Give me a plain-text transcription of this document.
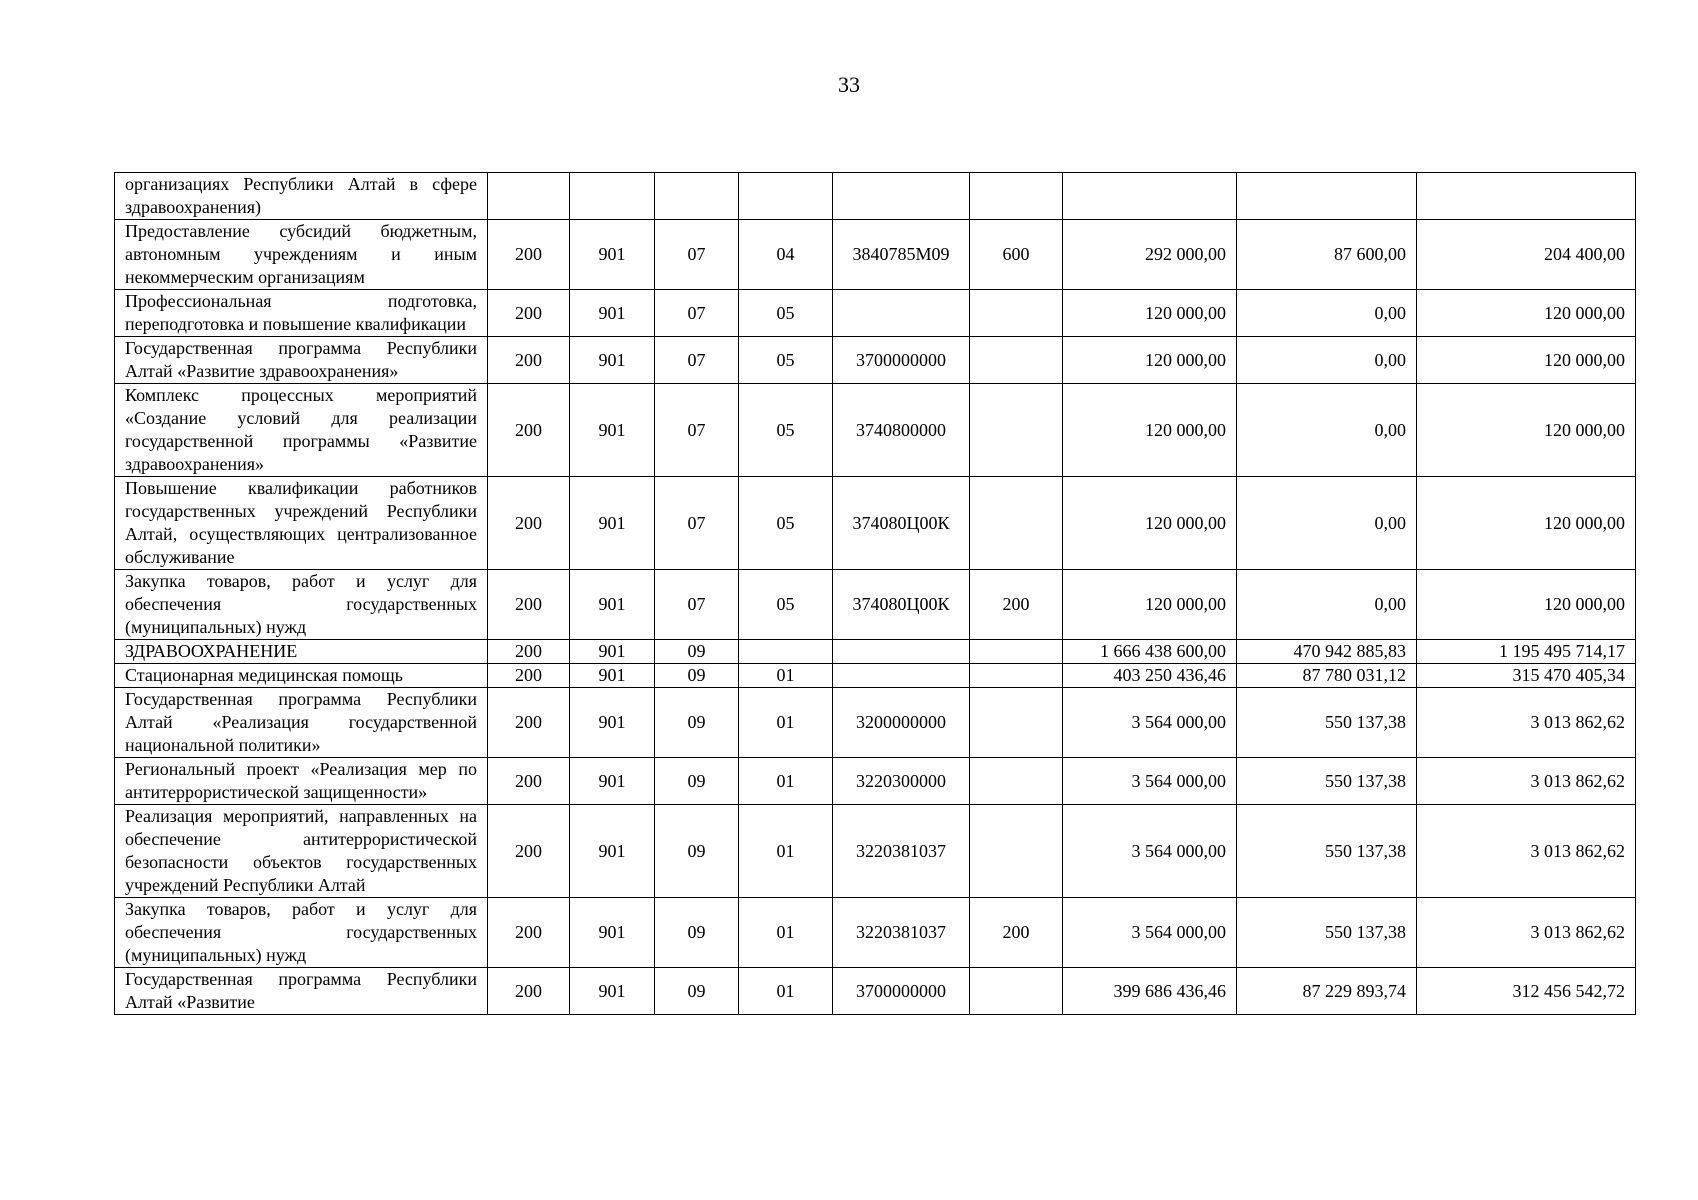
33
организациях Республики Алтай в сфере здравоохранения)									
Предоставление субсидий бюджетным, автономным учреждениям и иным некоммерческим организациям	200	901	07	04	3840785М09	600	292 000,00	87 600,00	204 400,00
Профессиональная подготовка, переподготовка и повышение квалификации	200	901	07	05			120 000,00	0,00	120 000,00
Государственная программа Республики Алтай «Развитие здравоохранения»	200	901	07	05	3700000000		120 000,00	0,00	120 000,00
Комплекс процессных мероприятий «Создание условий для реализации государственной программы «Развитие здравоохранения»	200	901	07	05	3740800000		120 000,00	0,00	120 000,00
Повышение квалификации работников государственных учреждений Республики Алтай, осуществляющих централизованное обслуживание	200	901	07	05	374080Ц00К		120 000,00	0,00	120 000,00
Закупка товаров, работ и услуг для обеспечения государственных (муниципальных) нужд	200	901	07	05	374080Ц00К	200	120 000,00	0,00	120 000,00
ЗДРАВООХРАНЕНИЕ	200	901	09				1 666 438 600,00	470 942 885,83	1 195 495 714,17
Стационарная медицинская помощь	200	901	09	01			403 250 436,46	87 780 031,12	315 470 405,34
Государственная программа Республики Алтай «Реализация государственной национальной политики»	200	901	09	01	3200000000		3 564 000,00	550 137,38	3 013 862,62
Региональный проект «Реализация мер по антитеррористической защищенности»	200	901	09	01	3220300000		3 564 000,00	550 137,38	3 013 862,62
Реализация мероприятий, направленных на обеспечение антитеррористической безопасности объектов государственных учреждений Республики Алтай	200	901	09	01	3220381037		3 564 000,00	550 137,38	3 013 862,62
Закупка товаров, работ и услуг для обеспечения государственных (муниципальных) нужд	200	901	09	01	3220381037	200	3 564 000,00	550 137,38	3 013 862,62
Государственная программа Республики Алтай «Развитие	200	901	09	01	3700000000		399 686 436,46	87 229 893,74	312 456 542,72
